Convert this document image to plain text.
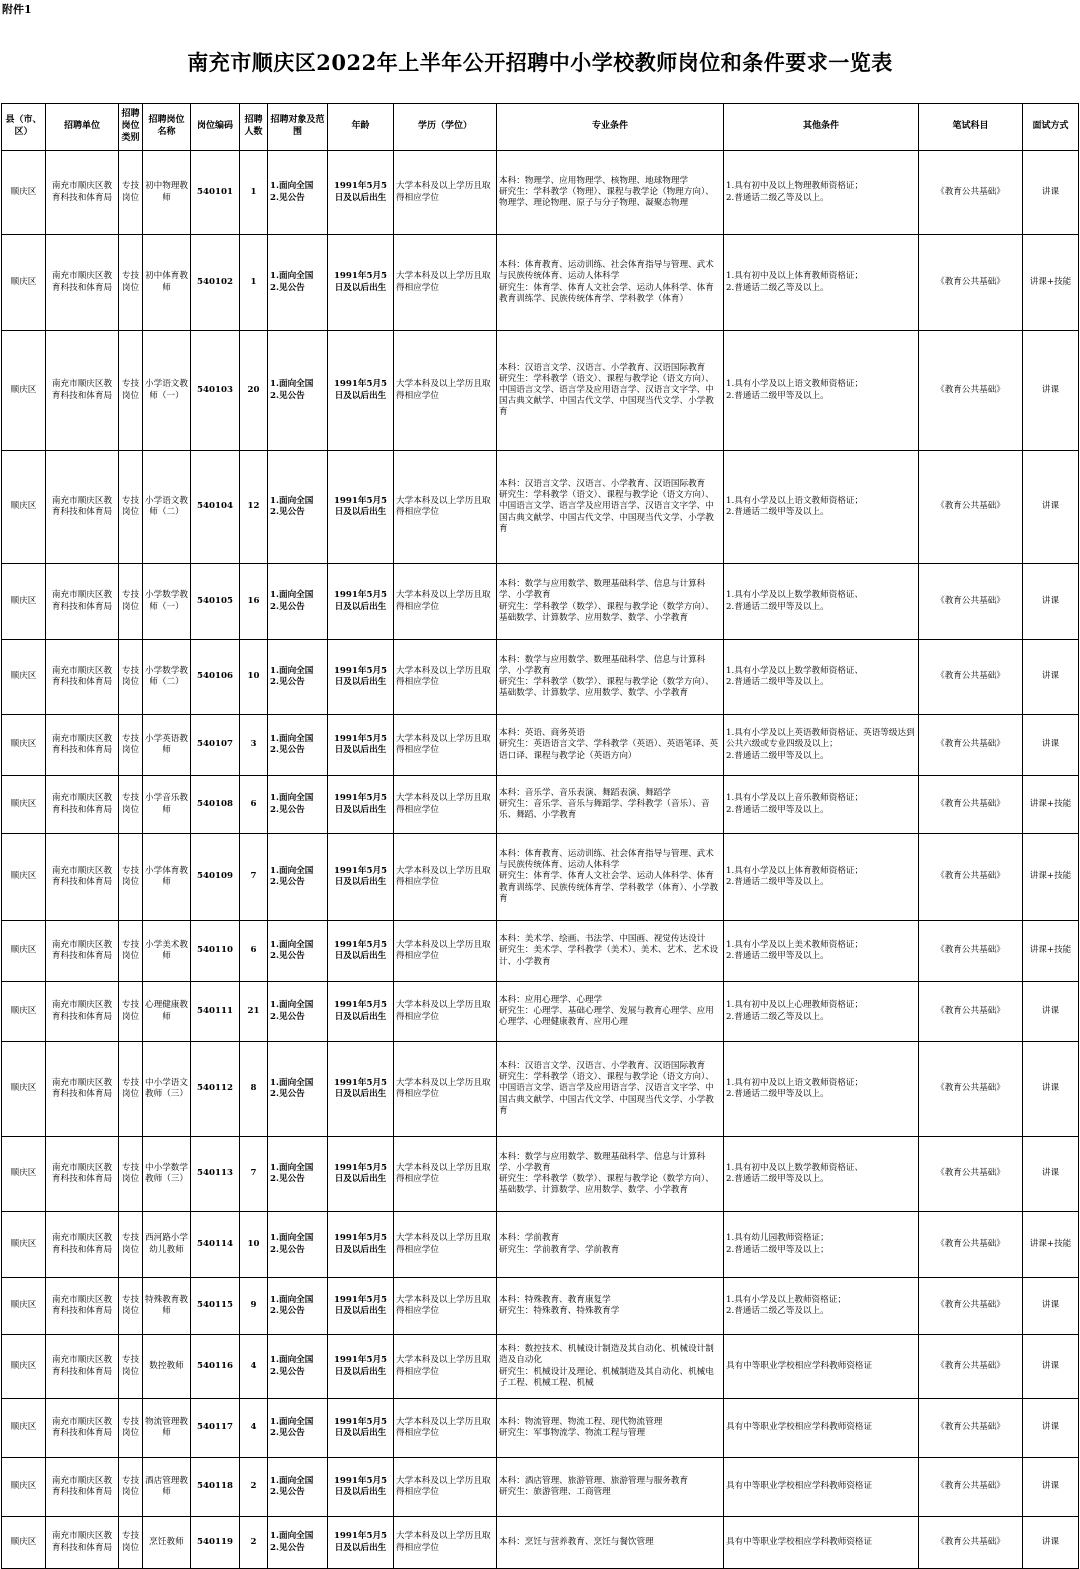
附件1
南充市顺庆区2022年上半年公开招聘中小学校教师岗位和条件要求一览表
县（市、区）	招聘单位	招聘岗位类别	招聘岗位名称	岗位编码	招聘人数	招聘对象及范围	年龄	学历（学位）	专业条件	其他条件	笔试科目	面试方式
顺庆区	南充市顺庆区教育科技和体育局	专技岗位	初中物理教师	540101	1	1.面向全国
2.见公告	1991年5月5日及以后出生	大学本科及以上学历且取得相应学位	本科：物理学、应用物理学、核物理、地球物理学
研究生：学科教学（物理）、课程与教学论（物理方向）、物理学、理论物理、原子与分子物理、凝聚态物理	1.具有初中及以上物理教师资格证；
2.普通话二级乙等及以上。	《教育公共基础》	讲课
顺庆区	南充市顺庆区教育科技和体育局	专技岗位	初中体育教师	540102	1	1.面向全国
2.见公告	1991年5月5日及以后出生	大学本科及以上学历且取得相应学位	本科：体育教育、运动训练、社会体育指导与管理、武术与民族传统体育、运动人体科学
研究生：体育学、体育人文社会学、运动人体科学、体育教育训练学、民族传统体育学、学科教学（体育）	1.具有初中及以上体育教师资格证；
2.普通话二级乙等及以上。	《教育公共基础》	讲课+技能
顺庆区	南充市顺庆区教育科技和体育局	专技岗位	小学语文教师（一）	540103	20	1.面向全国
2.见公告	1991年5月5日及以后出生	大学本科及以上学历且取得相应学位	本科：汉语言文学、汉语言、小学教育、汉语国际教育
研究生：学科教学（语文）、课程与教学论（语文方向）、中国语言文学、语言学及应用语言学、汉语言文字学、中国古典文献学、中国古代文学、中国现当代文学、小学教育	1.具有小学及以上语文教师资格证；
2.普通话二级甲等及以上。	《教育公共基础》	讲课
顺庆区	南充市顺庆区教育科技和体育局	专技岗位	小学语文教师（二）	540104	12	1.面向全国
2.见公告	1991年5月5日及以后出生	大学本科及以上学历且取得相应学位	本科：汉语言文学、汉语言、小学教育、汉语国际教育
研究生：学科教学（语文）、课程与教学论（语文方向）、中国语言文学、语言学及应用语言学、汉语言文字学、中国古典文献学、中国古代文学、中国现当代文学、小学教育	1.具有小学及以上语文教师资格证；
2.普通话二级甲等及以上。	《教育公共基础》	讲课
顺庆区	南充市顺庆区教育科技和体育局	专技岗位	小学数学教师（一）	540105	16	1.面向全国
2.见公告	1991年5月5日及以后出生	大学本科及以上学历且取得相应学位	本科：数学与应用数学、数理基础科学、信息与计算科学、小学教育
研究生：学科教学（数学）、课程与教学论（数学方向）、基础数学、计算数学、应用数学、数学、小学教育	1.具有小学及以上数学教师资格证、
2.普通话二级甲等及以上。	《教育公共基础》	讲课
顺庆区	南充市顺庆区教育科技和体育局	专技岗位	小学数学教师（二）	540106	10	1.面向全国
2.见公告	1991年5月5日及以后出生	大学本科及以上学历且取得相应学位	本科：数学与应用数学、数理基础科学、信息与计算科学、小学教育
研究生：学科教学（数学）、课程与教学论（数学方向）、基础数学、计算数学、应用数学、数学、小学教育	1.具有小学及以上数学教师资格证、
2.普通话二级甲等及以上。	《教育公共基础》	讲课
顺庆区	南充市顺庆区教育科技和体育局	专技岗位	小学英语教师	540107	3	1.面向全国
2.见公告	1991年5月5日及以后出生	大学本科及以上学历且取得相应学位	本科：英语、商务英语
研究生：英语语言文学、学科教学（英语）、英语笔译、英语口译、课程与教学论（英语方向）	1.具有小学及以上英语教师资格证、英语等级达到公共六级或专业四级及以上；
2.普通话二级甲等及以上。	《教育公共基础》	讲课
顺庆区	南充市顺庆区教育科技和体育局	专技岗位	小学音乐教师	540108	6	1.面向全国
2.见公告	1991年5月5日及以后出生	大学本科及以上学历且取得相应学位	本科：音乐学、音乐表演、舞蹈表演、舞蹈学
研究生：音乐学、音乐与舞蹈学、学科教学（音乐）、音乐、舞蹈、小学教育	1.具有小学及以上音乐教师资格证；
2.普通话二级甲等及以上。	《教育公共基础》	讲课+技能
顺庆区	南充市顺庆区教育科技和体育局	专技岗位	小学体育教师	540109	7	1.面向全国
2.见公告	1991年5月5日及以后出生	大学本科及以上学历且取得相应学位	本科：体育教育、运动训练、社会体育指导与管理、武术与民族传统体育、运动人体科学
研究生：体育学、体育人文社会学、运动人体科学、体育教育训练学、民族传统体育学、学科教学（体育）、小学教育	1.具有小学及以上体育教师资格证；
2.普通话二级甲等及以上。	《教育公共基础》	讲课+技能
顺庆区	南充市顺庆区教育科技和体育局	专技岗位	小学美术教师	540110	6	1.面向全国
2.见公告	1991年5月5日及以后出生	大学本科及以上学历且取得相应学位	本科：美术学、绘画、书法学、中国画、视觉传达设计
研究生：美术学、学科教学（美术）、美术、艺术、艺术设计、小学教育	1.具有小学及以上美术教师资格证；
2.普通话二级甲等及以上。	《教育公共基础》	讲课+技能
顺庆区	南充市顺庆区教育科技和体育局	专技岗位	心理健康教师	540111	21	1.面向全国
2.见公告	1991年5月5日及以后出生	大学本科及以上学历且取得相应学位	本科：应用心理学、心理学
研究生：心理学、基础心理学、发展与教育心理学、应用心理学、心理健康教育、应用心理	1.具有初中及以上心理教师资格证；
2.普通话二级乙等及以上。	《教育公共基础》	讲课
顺庆区	南充市顺庆区教育科技和体育局	专技岗位	中小学语文教师（三）	540112	8	1.面向全国
2.见公告	1991年5月5日及以后出生	大学本科及以上学历且取得相应学位	本科：汉语言文学、汉语言、小学教育、汉语国际教育
研究生：学科教学（语文）、课程与教学论（语文方向）、中国语言文学、语言学及应用语言学、汉语言文字学、中国古典文献学、中国古代文学、中国现当代文学、小学教育	1.具有初中及以上语文教师资格证；
2.普通话二级甲等及以上。	《教育公共基础》	讲课
顺庆区	南充市顺庆区教育科技和体育局	专技岗位	中小学数学教师（三）	540113	7	1.面向全国
2.见公告	1991年5月5日及以后出生	大学本科及以上学历且取得相应学位	本科：数学与应用数学、数理基础科学、信息与计算科学、小学教育
研究生：学科教学（数学）、课程与教学论（数学方向）、基础数学、计算数学、应用数学、数学、小学教育	1.具有初中及以上数学教师资格证、
2.普通话二级甲等及以上。	《教育公共基础》	讲课
顺庆区	南充市顺庆区教育科技和体育局	专技岗位	西河路小学幼儿教师	540114	10	1.面向全国
2.见公告	1991年5月5日及以后出生	大学本科及以上学历且取得相应学位	本科：学前教育
研究生：学前教育学、学前教育	1.具有幼儿园教师资格证；
2.普通话二级甲等及以上；	《教育公共基础》	讲课+技能
顺庆区	南充市顺庆区教育科技和体育局	专技岗位	特殊教育教师	540115	9	1.面向全国
2.见公告	1991年5月5日及以后出生	大学本科及以上学历且取得相应学位	本科：特殊教育、教育康复学
研究生：特殊教育、特殊教育学	1.具有小学及以上教师资格证；
2.普通话二级乙等及以上。	《教育公共基础》	讲课
顺庆区	南充市顺庆区教育科技和体育局	专技岗位	数控教师	540116	4	1.面向全国
2.见公告	1991年5月5日及以后出生	大学本科及以上学历且取得相应学位	本科：数控技术、机械设计制造及其自动化、机械设计制造及自动化
研究生：机械设计及理论、机械制造及其自动化、机械电子工程、机械工程、机械	具有中等职业学校相应学科教师资格证	《教育公共基础》	讲课
顺庆区	南充市顺庆区教育科技和体育局	专技岗位	物流管理教师	540117	4	1.面向全国
2.见公告	1991年5月5日及以后出生	大学本科及以上学历且取得相应学位	本科：物流管理、物流工程、现代物流管理
研究生：军事物流学、物流工程与管理	具有中等职业学校相应学科教师资格证	《教育公共基础》	讲课
顺庆区	南充市顺庆区教育科技和体育局	专技岗位	酒店管理教师	540118	2	1.面向全国
2.见公告	1991年5月5日及以后出生	大学本科及以上学历且取得相应学位	本科：酒店管理、旅游管理、旅游管理与服务教育
研究生：旅游管理、工商管理	具有中等职业学校相应学科教师资格证	《教育公共基础》	讲课
顺庆区	南充市顺庆区教育科技和体育局	专技岗位	烹饪教师	540119	2	1.面向全国
2.见公告	1991年5月5日及以后出生	大学本科及以上学历且取得相应学位	本科：烹饪与营养教育、烹饪与餐饮管理	具有中等职业学校相应学科教师资格证	《教育公共基础》	讲课
